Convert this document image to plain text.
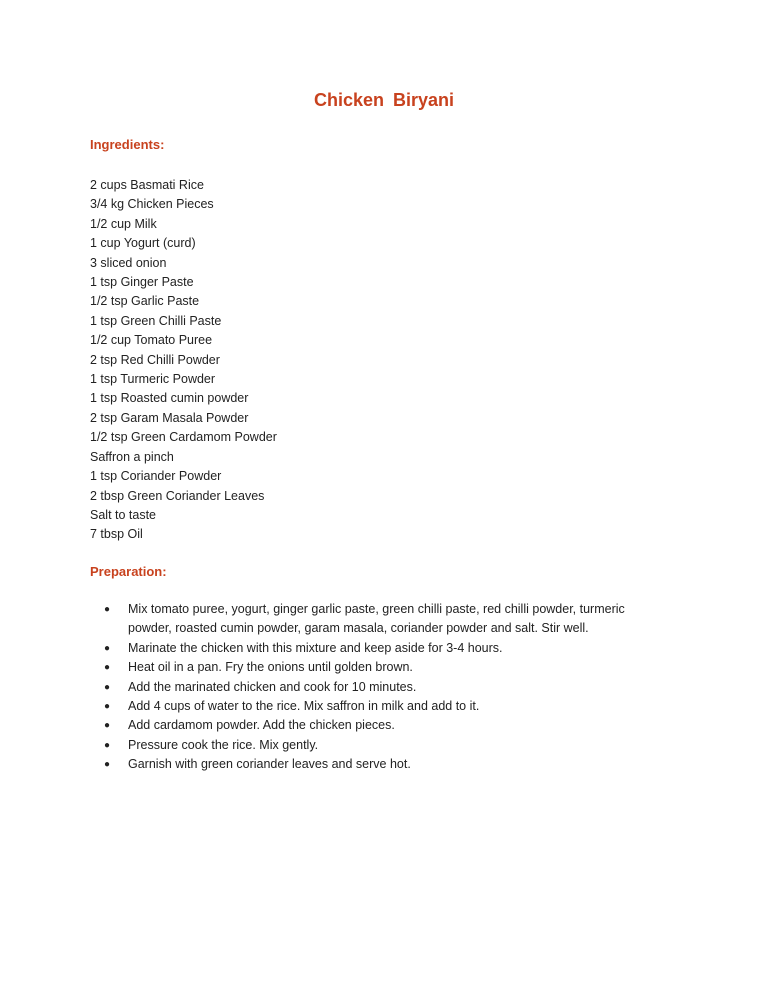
Chicken Biryani
Ingredients:
2 cups Basmati Rice
3/4 kg Chicken Pieces
1/2 cup Milk
1 cup Yogurt (curd)
3 sliced onion
1 tsp Ginger Paste
1/2 tsp Garlic Paste
1 tsp Green Chilli Paste
1/2 cup Tomato Puree
2 tsp Red Chilli Powder
1 tsp Turmeric Powder
1 tsp Roasted cumin powder
2 tsp Garam Masala Powder
1/2 tsp Green Cardamom Powder
Saffron a pinch
1 tsp Coriander Powder
2 tbsp Green Coriander Leaves
Salt to taste
7 tbsp Oil
Preparation:
● Mix tomato puree, yogurt, ginger garlic paste, green chilli paste, red chilli powder, turmeric powder, roasted cumin powder, garam masala, coriander powder and salt. Stir well.
● Marinate the chicken with this mixture and keep aside for 3-4 hours.
● Heat oil in a pan. Fry the onions until golden brown.
● Add the marinated chicken and cook for 10 minutes.
● Add 4 cups of water to the rice. Mix saffron in milk and add to it.
● Add cardamom powder. Add the chicken pieces.
● Pressure cook the rice. Mix gently.
● Garnish with green coriander leaves and serve hot.
